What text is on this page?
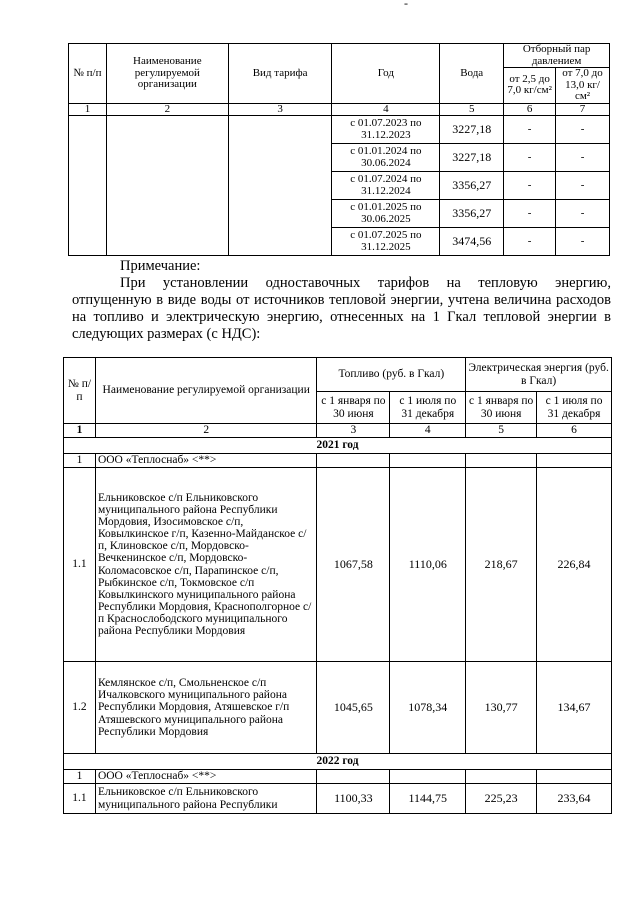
-
№ п/п	Наименование регулируемой организации	Вид тарифа	Год	Вода	Отборный пар давлением	
					от 2,5 до 7,0 кг/см²	от 7,0 до 13,0 кг/см²
1	2	3	4	5	6	7
			с 01.07.2023 по 31.12.2023	3227,18	-	-
			с 01.01.2024 по 30.06.2024	3227,18	-	-
			с 01.07.2024 по 31.12.2024	3356,27	-	-
			с 01.01.2025 по 30.06.2025	3356,27	-	-
			с 01.07.2025 по 31.12.2025	3474,56	-	-

Примечание:

При установлении одноставочных тарифов на тепловую энергию, отпущенную в виде воды от источников тепловой энергии, учтена величина расходов на топливо и электрическую энергию, отнесенных на 1 Гкал тепловой энергии в следующих размерах (с НДС):

№ п/п	Наименование регулируемой организации	Топливо (руб. в Гкал)		Электрическая энергия (руб. в Гкал)	
		с 1 января по 30 июня	с 1 июля по 31 декабря	с 1 января по 30 июня	с 1 июля по 31 декабря
1	2	3	4	5	6
2021 год					
1	ООО «Теплоснаб» <**>				
1.1	Ельниковское с/п Ельниковского муниципального района Республики Мордовия, Изосимовское с/п, Ковылкинское г/п, Казенно-Майданское с/п, Клиновское с/п, Мордовско-Вечкенинское с/п, Мордовско-Коломасовское с/п, Парапинское с/п, Рыбкинское с/п, Токмовское с/п Ковылкинского муниципального района Республики Мордовия, Краснополгорное с/п Краснослободского муниципального района Республики Мордовия	1067,58	1110,06	218,67	226,84
1.2	Кемлянское с/п, Смольненское с/п Ичалковского муниципального района Республики Мордовия, Атяшевское г/п Атяшевского муниципального района Республики Мордовия	1045,65	1078,34	130,77	134,67
2022 год					
1	ООО «Теплоснаб» <**>				
1.1	Ельниковское с/п Ельниковского муниципального района Республики	1100,33	1144,75	225,23	233,64
